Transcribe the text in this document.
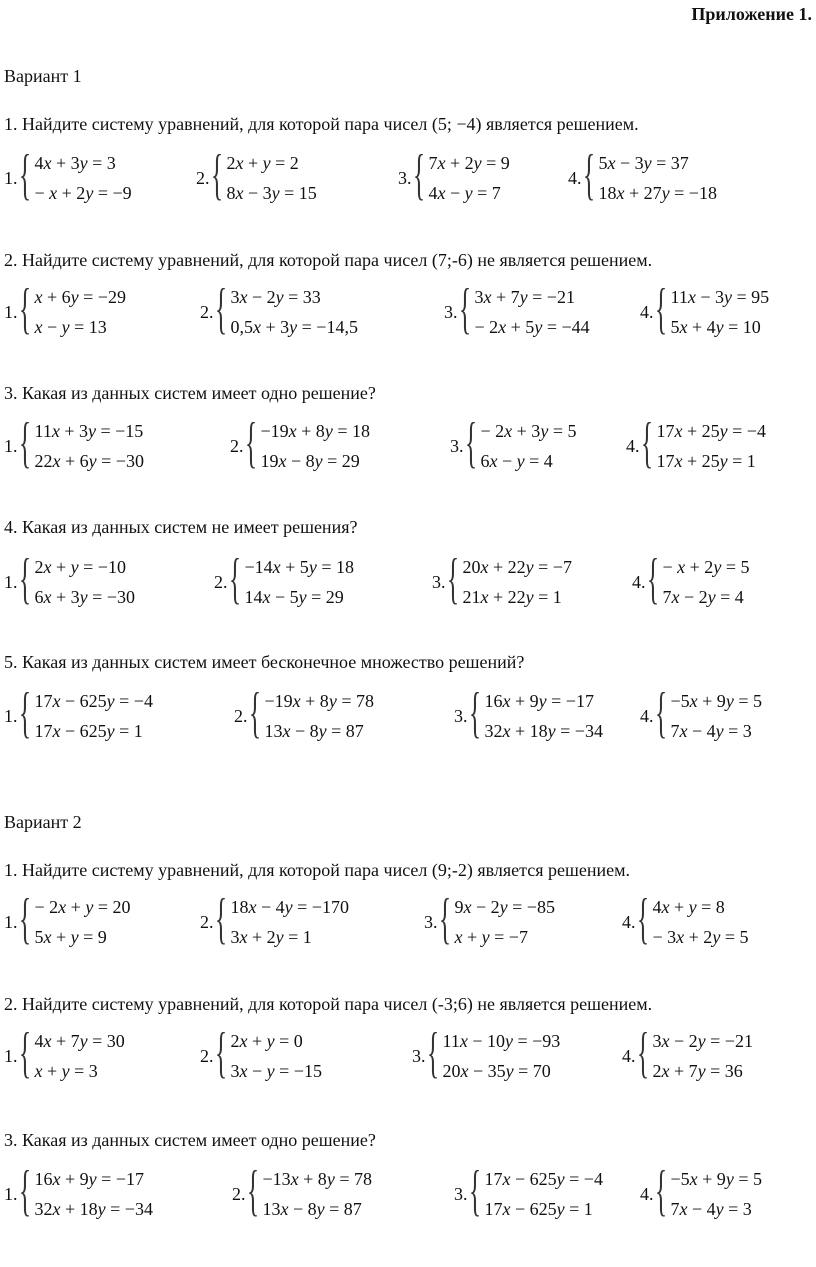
Приложение 1.
Вариант 1
1. Найдите систему уравнений, для которой пара чисел (5; −4) является решением.
1. { 4x + 3y = 3
− x + 2y = −9
2. { 2x + y = 2
8x − 3y = 15
3. { 7x + 2y = 9
4x − y = 7
4. { 5x − 3y = 37
18x + 27y = −18
2. Найдите систему уравнений, для которой пара чисел (7;-6) не является решением.
1. { x + 6y = −29
x − y = 13
2. { 3x − 2y = 33
0,5x + 3y = −14,5
3. { 3x + 7y = −21
− 2x + 5y = −44
4. { 11x − 3y = 95
5x + 4y = 10
3. Какая из данных систем имеет одно решение?
1. { 11x + 3y = −15
22x + 6y = −30
2. { −19x + 8y = 18
19x − 8y = 29
3. { − 2x + 3y = 5
6x − y = 4
4. { 17x + 25y = −4
17x + 25y = 1
4. Какая из данных систем не имеет решения?
1. { 2x + y = −10
6x + 3y = −30
2. { −14x + 5y = 18
14x − 5y = 29
3. { 20x + 22y = −7
21x + 22y = 1
4. { − x + 2y = 5
7x − 2y = 4
5. Какая из данных систем имеет бесконечное множество решений?
1. { 17x − 625y = −4
17x − 625y = 1
2. { −19x + 8y = 78
13x − 8y = 87
3. { 16x + 9y = −17
32x + 18y = −34
4. { −5x + 9y = 5
7x − 4y = 3
Вариант 2
1. Найдите систему уравнений, для которой пара чисел (9;-2) является решением.
1. { − 2x + y = 20
5x + y = 9
2. { 18x − 4y = −170
3x + 2y = 1
3. { 9x − 2y = −85
x + y = −7
4. { 4x + y = 8
− 3x + 2y = 5
2. Найдите систему уравнений, для которой пара чисел (-3;6) не является решением.
1. { 4x + 7y = 30
x + y = 3
2. { 2x + y = 0
3x − y = −15
3. { 11x − 10y = −93
20x − 35y = 70
4. { 3x − 2y = −21
2x + 7y = 36
3. Какая из данных систем имеет одно решение?
1. { 16x + 9y = −17
32x + 18y = −34
2. { −13x + 8y = 78
13x − 8y = 87
3. { 17x − 625y = −4
17x − 625y = 1
4. { −5x + 9y = 5
7x − 4y = 3
